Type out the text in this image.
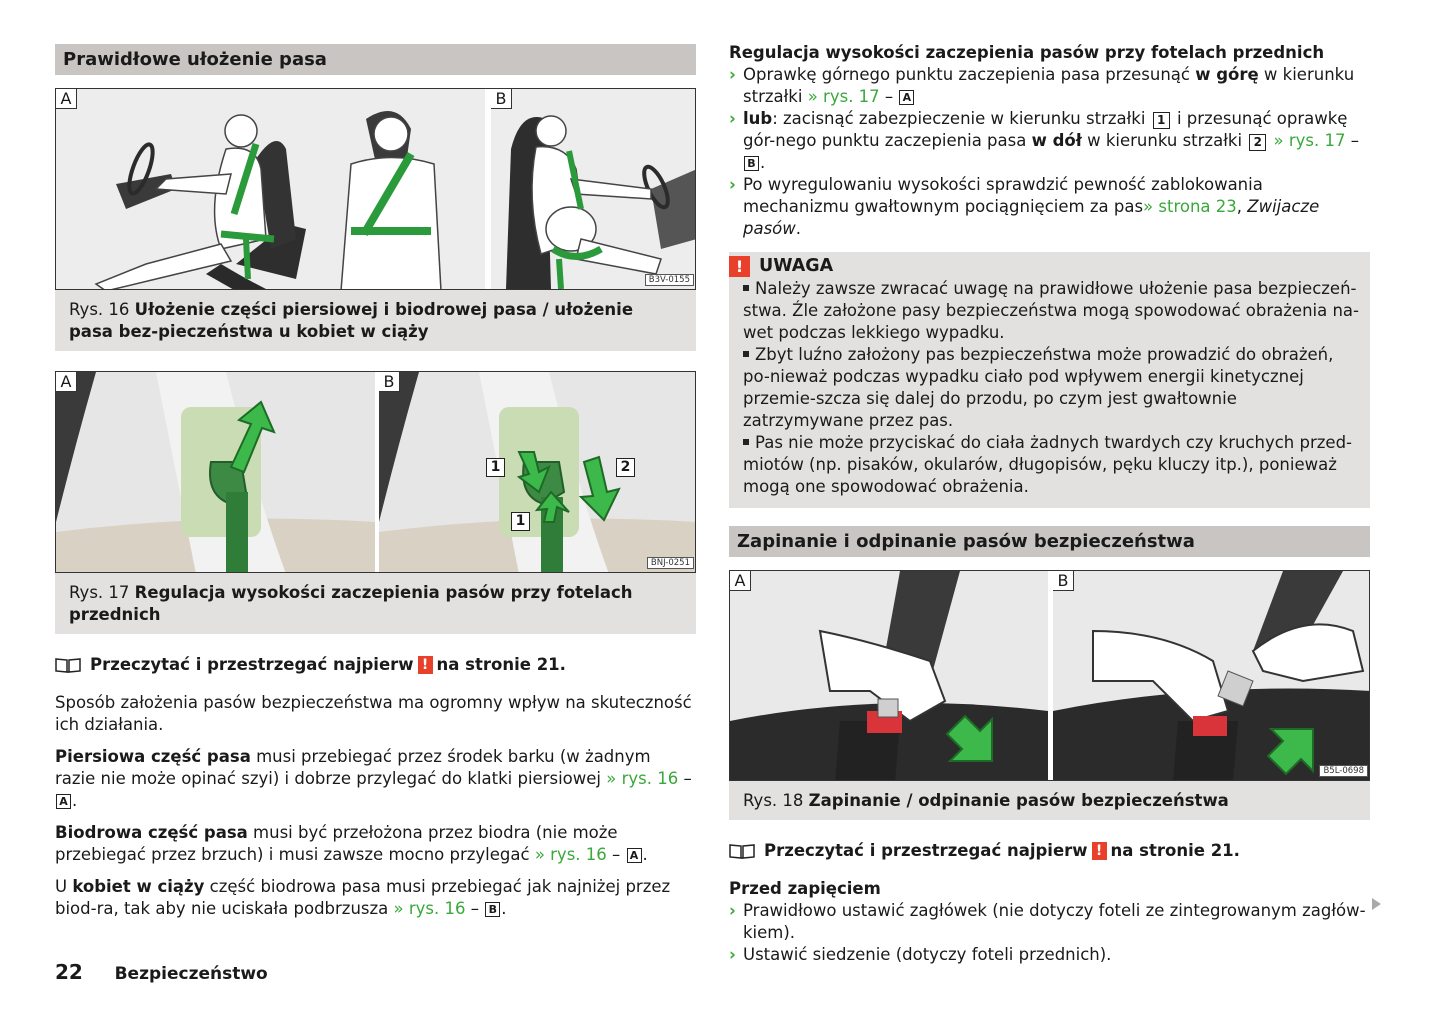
Prawidłowe ułożenie pasa
A	B
B3V-0155
Rys. 16 Ułożenie części piersiowej i biodrowej pasa / ułożenie pasa bez-pieczeństwa u kobiet w ciąży
A	B
1	2
1
BNJ-0251
Rys. 17 Regulacja wysokości zaczepienia pasów przy fotelach przednich
Przeczytać i przestrzegać najpierw ! na stronie
21.

Sposób założenia pasów bezpieczeństwa ma ogromny wpływ na skuteczność ich działania.

Piersiowa część pasa musi przebiegać przez środek barku (w żadnym razie nie może opinać szyi) i dobrze przylegać do klatki piersiowej » rys. 16 – A .

Biodrowa część pasa musi być przełożona przez biodra (nie może przebiegać przez brzuch) i musi zawsze mocno przylegać » rys. 16 – A .

U kobiet w ciąży część biodrowa pasa musi przebiegać jak najniżej przez biod-ra, tak aby nie uciskała podbrzusza » rys. 16 – B .

Regulacja wysokości zaczepienia pasów przy fotelach przednich

› Oprawkę górnego punktu zaczepienia pasa przesunąć w górę w kierunku strzałki » rys. 17 – A
› lub: zacisnąć zabezpieczenie w kierunku strzałki 1 i przesunąć oprawkę gór-nego punktu zaczepienia pasa w dół w kierunku strzałki 2 » rys. 17 – B .
› Po wyregulowaniu wysokości sprawdzić pewność zablokowania mechanizmu gwałtownym pociągnięciem za pas» strona 23, Zwijacze pasów.
! UWAGA

Należy zawsze zwracać uwagę na prawidłowe ułożenie pasa bezpieczeń-stwa. Źle założone pasy bezpieczeństwa mogą spowodować obrażenia na-wet podczas lekkiego wypadku.

Zbyt luźno założony pas bezpieczeństwa może prowadzić do obrażeń, po-nieważ podczas wypadku ciało pod wpływem energii kinetycznej przemie-szcza się dalej do przodu, po czym jest gwałtownie zatrzymywane przez pas.

Pas nie może przyciskać do ciała żadnych twardych czy kruchych przed-miotów (np. pisaków, okularów, długopisów, pęku kluczy itp.), ponieważ mogą one spowodować obrażenia.

Zapinanie i odpinanie pasów bezpieczeństwa
A	B
B5L-0698
Rys. 18 Zapinanie / odpinanie pasów bezpieczeństwa
Przeczytać i przestrzegać najpierw ! na stronie
21.

Przed zapięciem

› Prawidłowo ustawić zagłówek (nie dotyczy foteli ze zintegrowanym zagłów-kiem).
› Ustawić siedzenie (dotyczy foteli przednich).
22 Bezpieczeństwo
